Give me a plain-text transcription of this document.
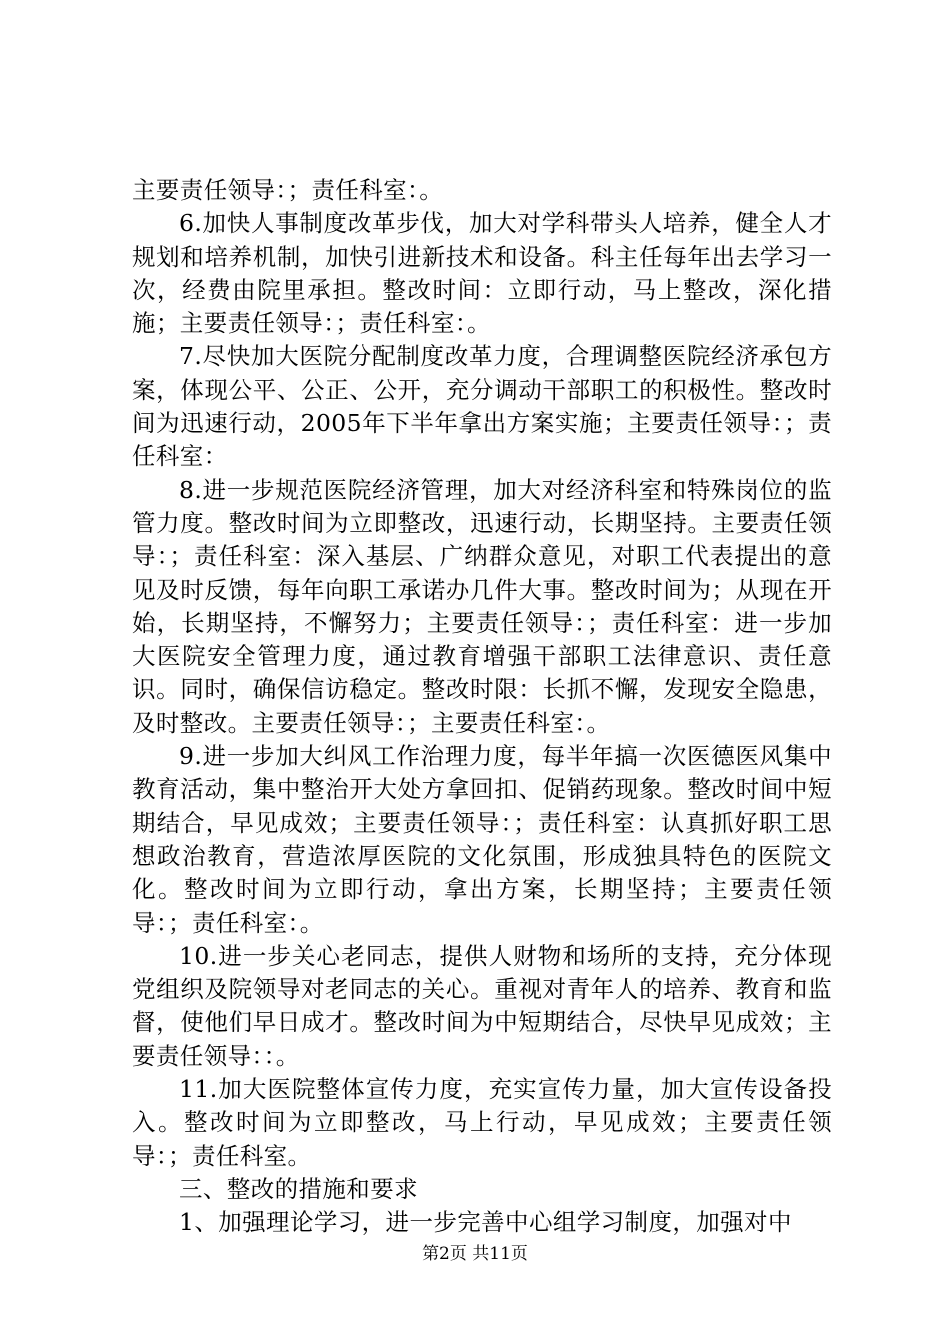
主要责任领导：；责任科室：。

6.加快人事制度改革步伐，加大对学科带头人培养，健全人才规划和培养机制，加快引进新技术和设备。科主任每年出去学习一次，经费由院里承担。整改时间：立即行动，马上整改，深化措施；主要责任领导：；责任科室：。

7.尽快加大医院分配制度改革力度，合理调整医院经济承包方案，体现公平、公正、公开，充分调动干部职工的积极性。整改时间为迅速行动，2005年下半年拿出方案实施；主要责任领导：；责任科室：

8.进一步规范医院经济管理，加大对经济科室和特殊岗位的监管力度。整改时间为立即整改，迅速行动，长期坚持。主要责任领导：；责任科室：深入基层、广纳群众意见，对职工代表提出的意见及时反馈，每年向职工承诺办几件大事。整改时间为；从现在开始，长期坚持，不懈努力；主要责任领导：；责任科室：进一步加大医院安全管理力度，通过教育增强干部职工法律意识、责任意识。同时，确保信访稳定。整改时限：长抓不懈，发现安全隐患，及时整改。主要责任领导：；主要责任科室：。

9.进一步加大纠风工作治理力度，每半年搞一次医德医风集中教育活动，集中整治开大处方拿回扣、促销药现象。整改时间中短期结合，早见成效；主要责任领导：；责任科室：认真抓好职工思想政治教育，营造浓厚医院的文化氛围，形成独具特色的医院文化。整改时间为立即行动，拿出方案，长期坚持；主要责任领导：；责任科室：。

10.进一步关心老同志，提供人财物和场所的支持，充分体现党组织及院领导对老同志的关心。重视对青年人的培养、教育和监督，使他们早日成才。整改时间为中短期结合，尽快早见成效；主要责任领导：：。

11.加大医院整体宣传力度，充实宣传力量，加大宣传设备投入。整改时间为立即整改，马上行动，早见成效；主要责任领导：；责任科室。

三、整改的措施和要求

1、加强理论学习，进一步完善中心组学习制度，加强对中

第2页 共11页
